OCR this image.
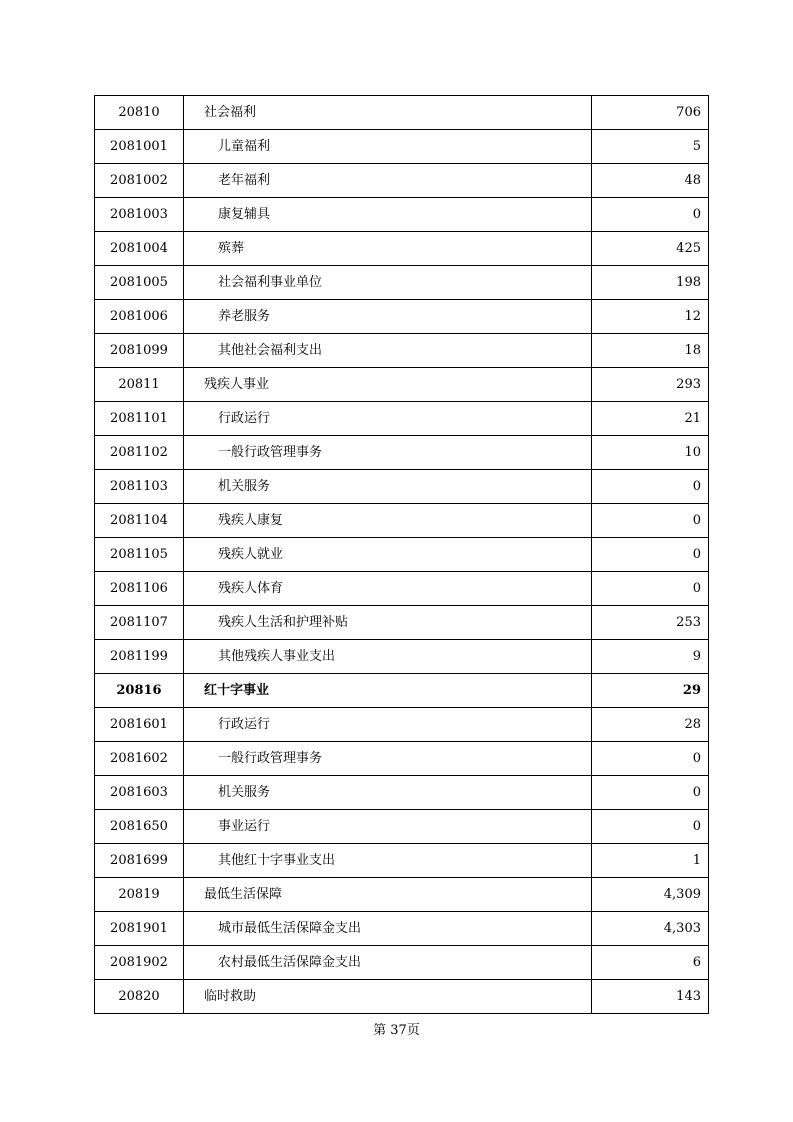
20810	社会福利	706
2081001	儿童福利	5
2081002	老年福利	48
2081003	康复辅具	0
2081004	殡葬	425
2081005	社会福利事业单位	198
2081006	养老服务	12
2081099	其他社会福利支出	18
20811	残疾人事业	293
2081101	行政运行	21
2081102	一般行政管理事务	10
2081103	机关服务	0
2081104	残疾人康复	0
2081105	残疾人就业	0
2081106	残疾人体育	0
2081107	残疾人生活和护理补贴	253
2081199	其他残疾人事业支出	9
20816	红十字事业	29
2081601	行政运行	28
2081602	一般行政管理事务	0
2081603	机关服务	0
2081650	事业运行	0
2081699	其他红十字事业支出	1
20819	最低生活保障	4,309
2081901	城市最低生活保障金支出	4,303
2081902	农村最低生活保障金支出	6
20820	临时救助	143
第 37页
